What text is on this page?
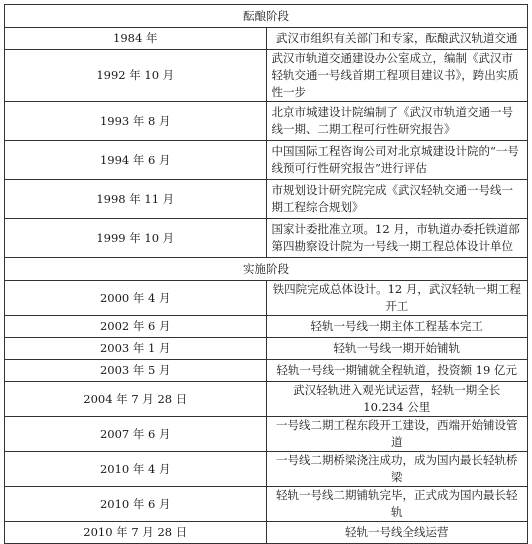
酝酿阶段	
1984 年	武汉市组织有关部门和专家，酝酿武汉轨道交通
1992 年 10 月	武汉市轨道交通建设办公室成立，编制《武汉市轻轨交通一号线首期工程项目建议书》，跨出实质性一步
1993 年 8 月	北京市城建设计院编制了《武汉市轨道交通一号线一期、二期工程可行性研究报告》
1994 年 6 月	中国国际工程咨询公司对北京城建设计院的“一号线预可行性研究报告”进行评估
1998 年 11 月	市规划设计研究院完成《武汉轻轨交通一号线一期工程综合规划》
1999 年 10 月	国家计委批准立项。12 月，市轨道办委托铁道部第四勘察设计院为一号线一期工程总体设计单位
实施阶段	
2000 年 4 月	铁四院完成总体设计。12 月，武汉轻轨一期工程开工
2002 年 6 月	轻轨一号线一期主体工程基本完工
2003 年 1 月	轻轨一号线一期开始铺轨
2003 年 5 月	轻轨一号线一期铺就全程轨道，投资额 19 亿元
2004 年 7 月 28 日	武汉轻轨进入观光试运营，轻轨一期全长 10.234 公里
2007 年 6 月	一号线二期工程东段开工建设，西端开始铺设管道
2010 年 4 月	一号线二期桥梁浇注成功，成为国内最长轻轨桥梁
2010 年 6 月	轻轨一号线二期铺轨完毕，正式成为国内最长轻轨
2010 年 7 月 28 日	轻轨一号线全线运营
